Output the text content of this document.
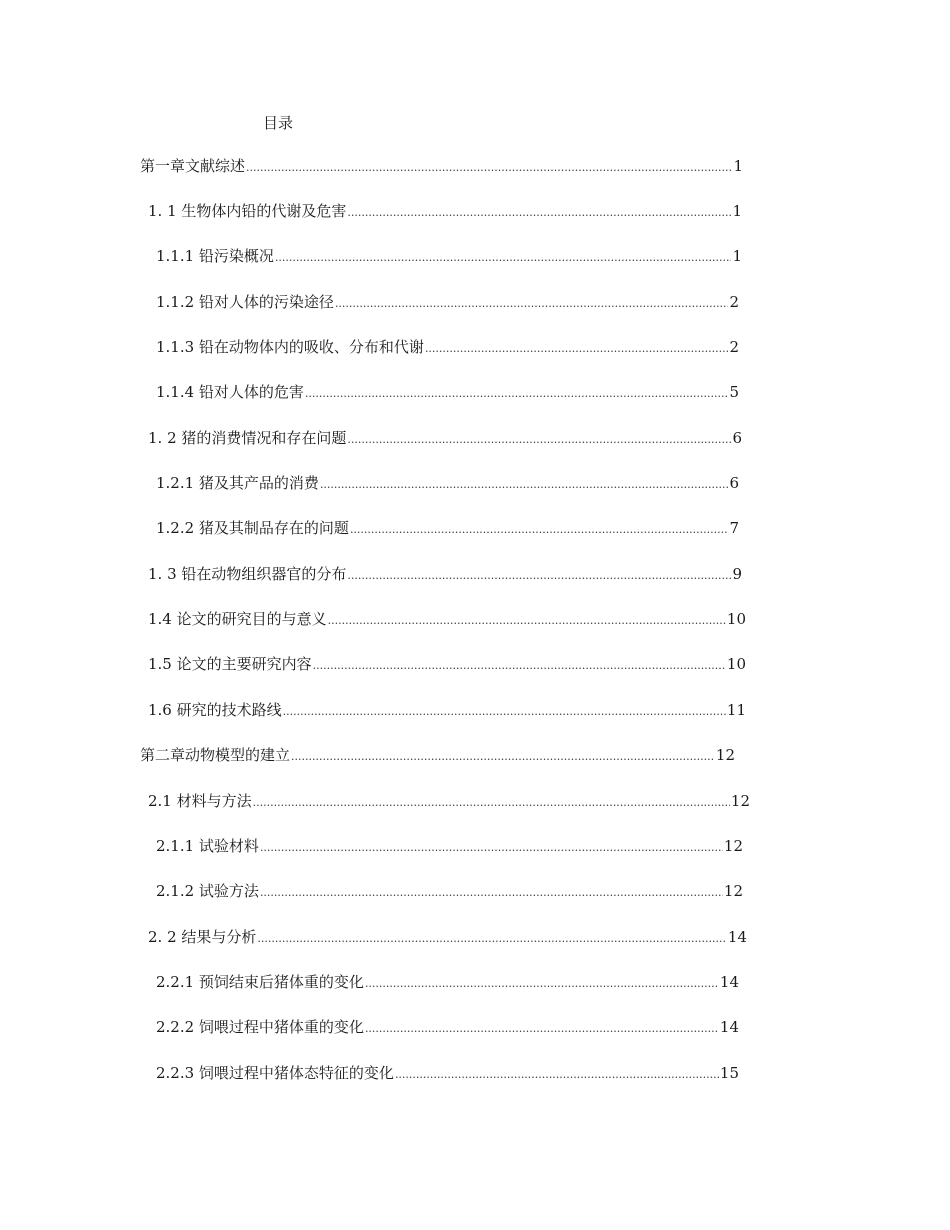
目录
第一章文献综述 .....	1
1. 1 生物体内铅的代谢及危害 .....	1
1.1.1 铅污染概况 .....	1
1.1.2 铅对人体的污染途径 .....	2
1.1.3 铅在动物体内的吸收、分布和代谢 .....	2
1.1.4 铅对人体的危害 .....	5
1. 2 猪的消费情况和存在问题 .....	6
1.2.1 猪及其产品的消费 .....	6
1.2.2 猪及其制品存在的问题 .....	7
1. 3 铅在动物组织器官的分布 .....	9
1.4 论文的研究目的与意义 .....	10
1.5 论文的主要研究内容 .....	10
1.6 研究的技术路线 .....	11
第二章动物模型的建立 .....	12
2.1 材料与方法 .....	12
2.1.1 试验材料 .....	12
2.1.2 试验方法 .....	12
2. 2 结果与分析 .....	14
2.2.1 预饲结束后猪体重的变化 .....	14
2.2.2 饲喂过程中猪体重的变化 .....	14
2.2.3 饲喂过程中猪体态特征的变化 .....	15
